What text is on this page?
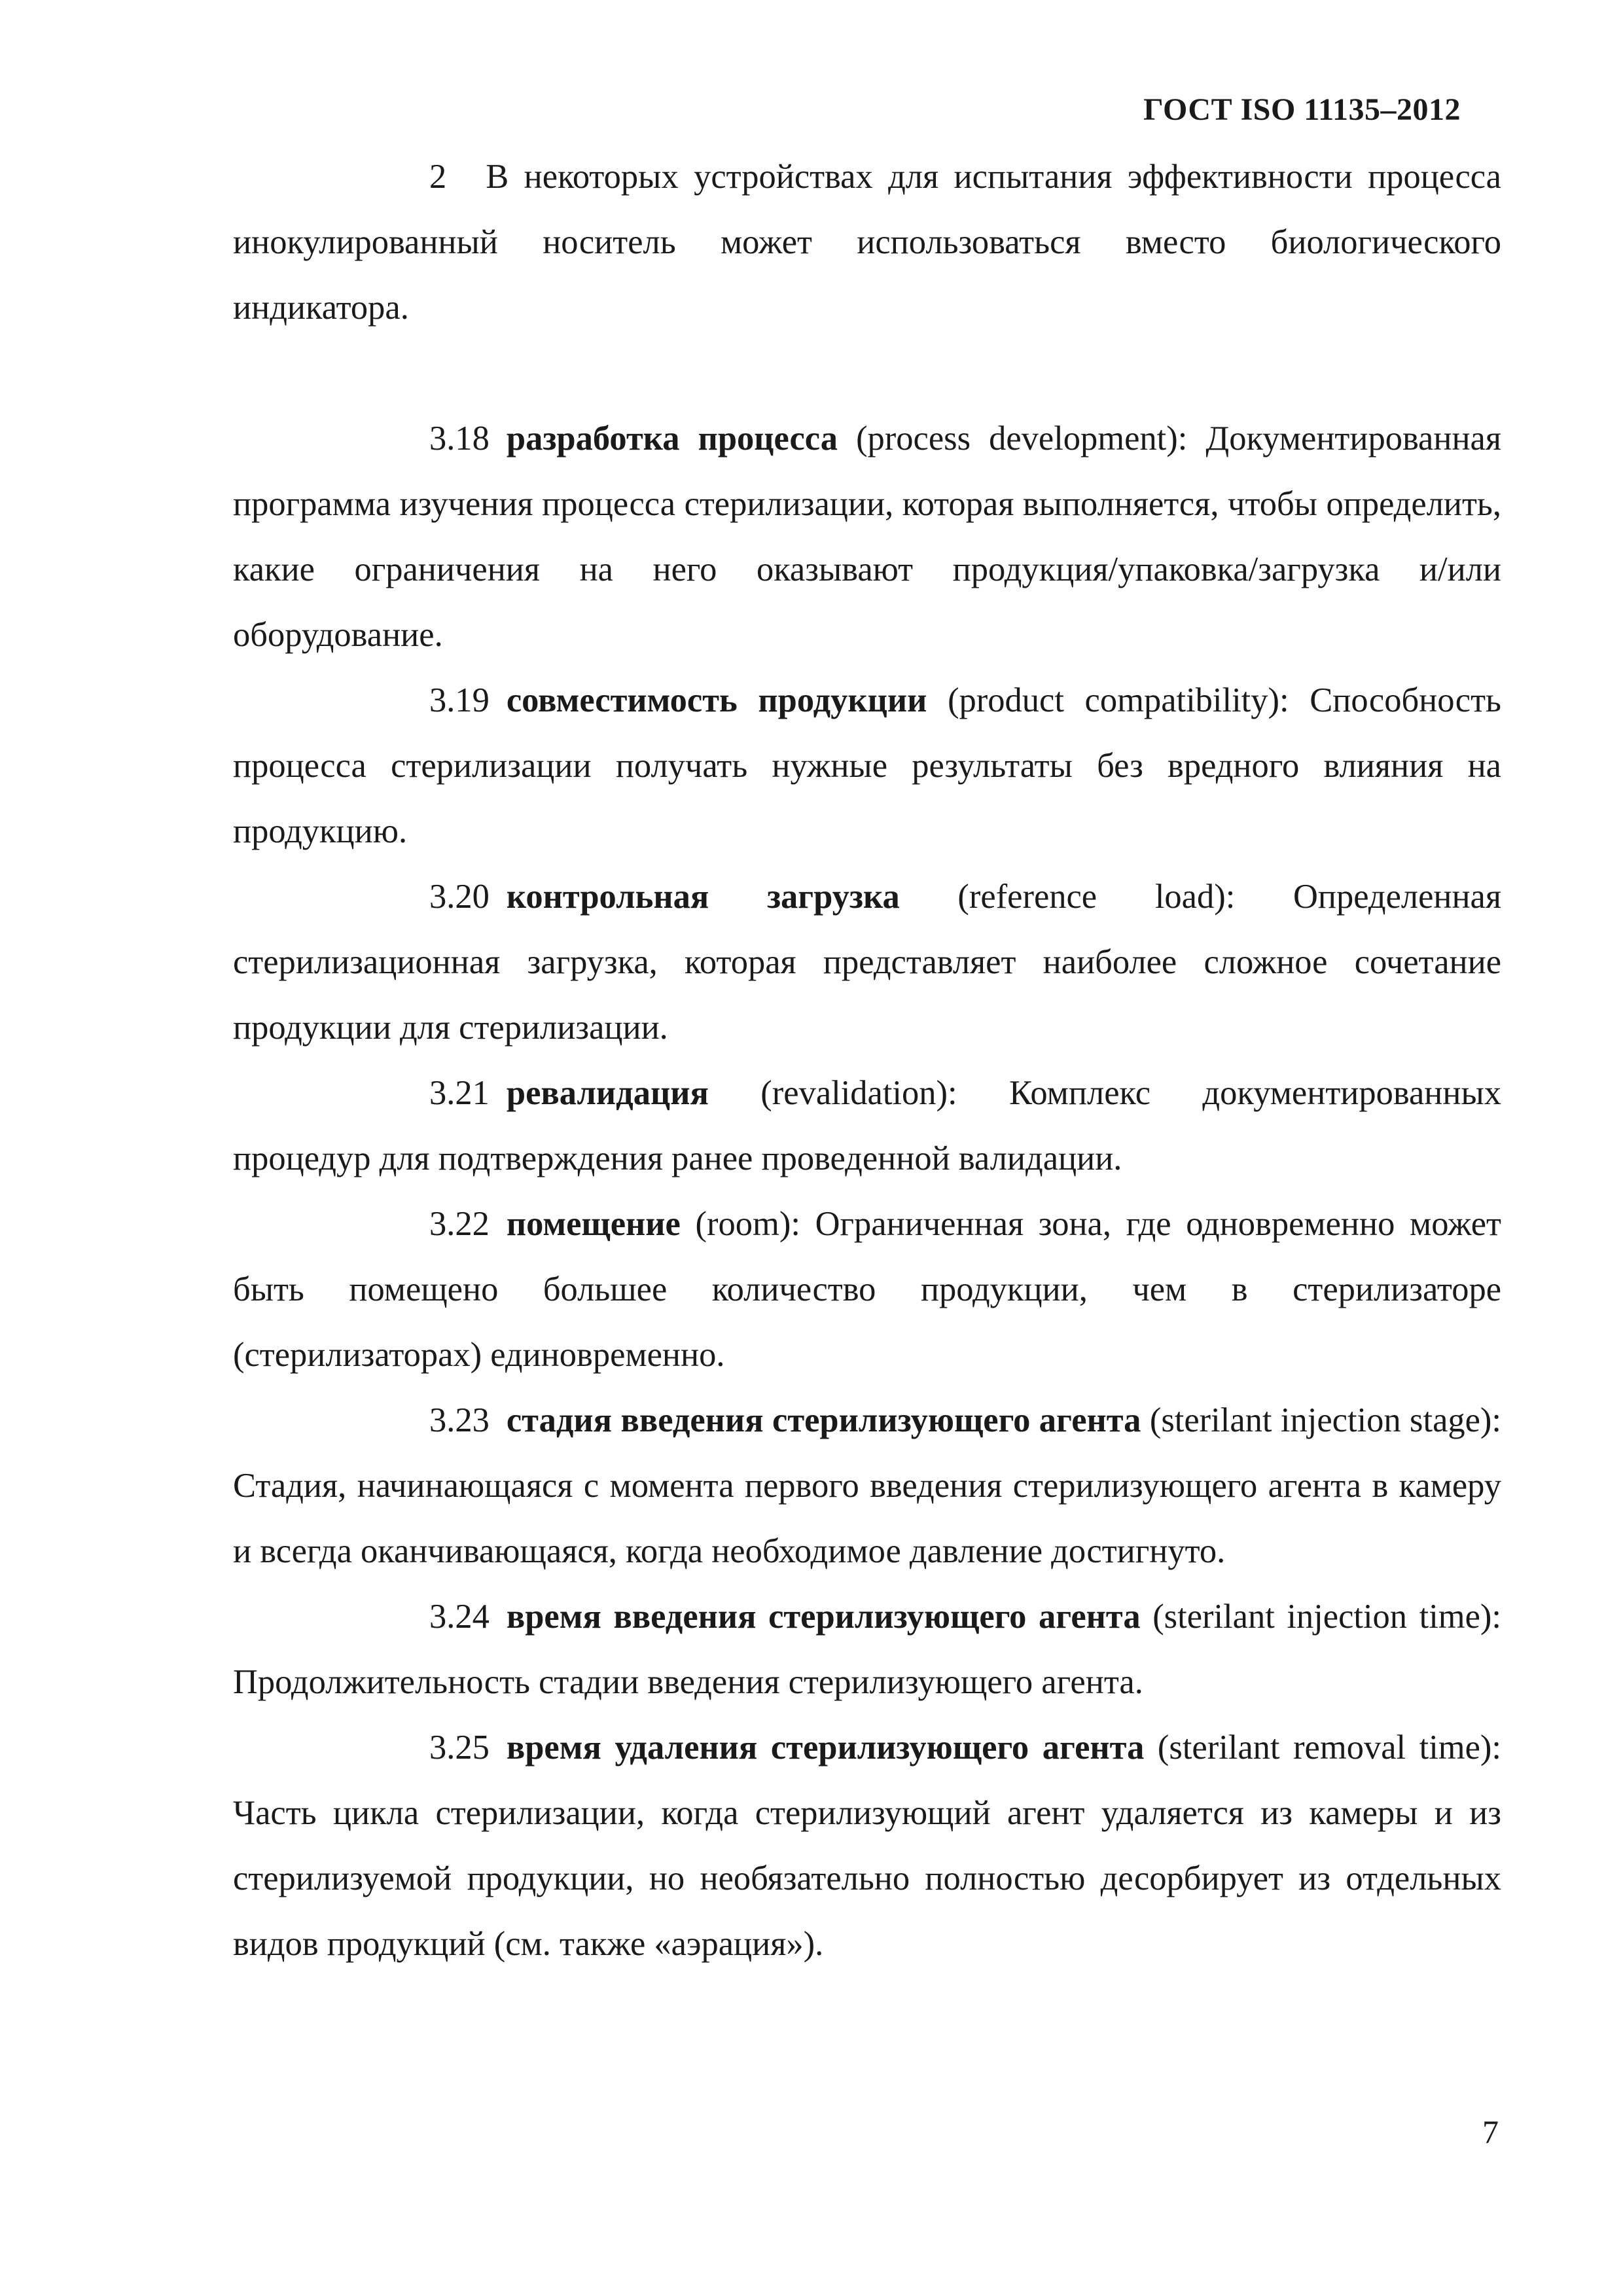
ГОСТ ISO 11135–2012

2 В некоторых устройствах для испытания эффективности процесса инокулированный носитель может использоваться вместо биологического индикатора.

3.18 разработка процесса (process development): Документированная программа изучения процесса стерилизации, которая выполняется, чтобы определить, какие ограничения на него оказывают продукция/упаковка/загрузка и/или оборудование.

3.19 совместимость продукции (product compatibility): Способность процесса стерилизации получать нужные результаты без вредного влияния на продукцию.

3.20 контрольная загрузка (reference load): Определенная стерилизационная загрузка, которая представляет наиболее сложное сочетание продукции для стерилизации.

3.21 ревалидация (revalidation): Комплекс документированных процедур для подтверждения ранее проведенной валидации.

3.22 помещение (room): Ограниченная зона, где одновременно может быть помещено большее количество продукции, чем в стерилизаторе (стерилизаторах) единовременно.

3.23 стадия введения стерилизующего агента (sterilant injection stage): Стадия, начинающаяся с момента первого введения стерилизующего агента в камеру и всегда оканчивающаяся, когда необходимое давление достигнуто.

3.24 время введения стерилизующего агента (sterilant injection time): Продолжительность стадии введения стерилизующего агента.

3.25 время удаления стерилизующего агента (sterilant removal time): Часть цикла стерилизации, когда стерилизующий агент удаляется из камеры и из стерилизуемой продукции, но необязательно полностью десорбирует из отдельных видов продукций (см. также «аэрация»).

7
